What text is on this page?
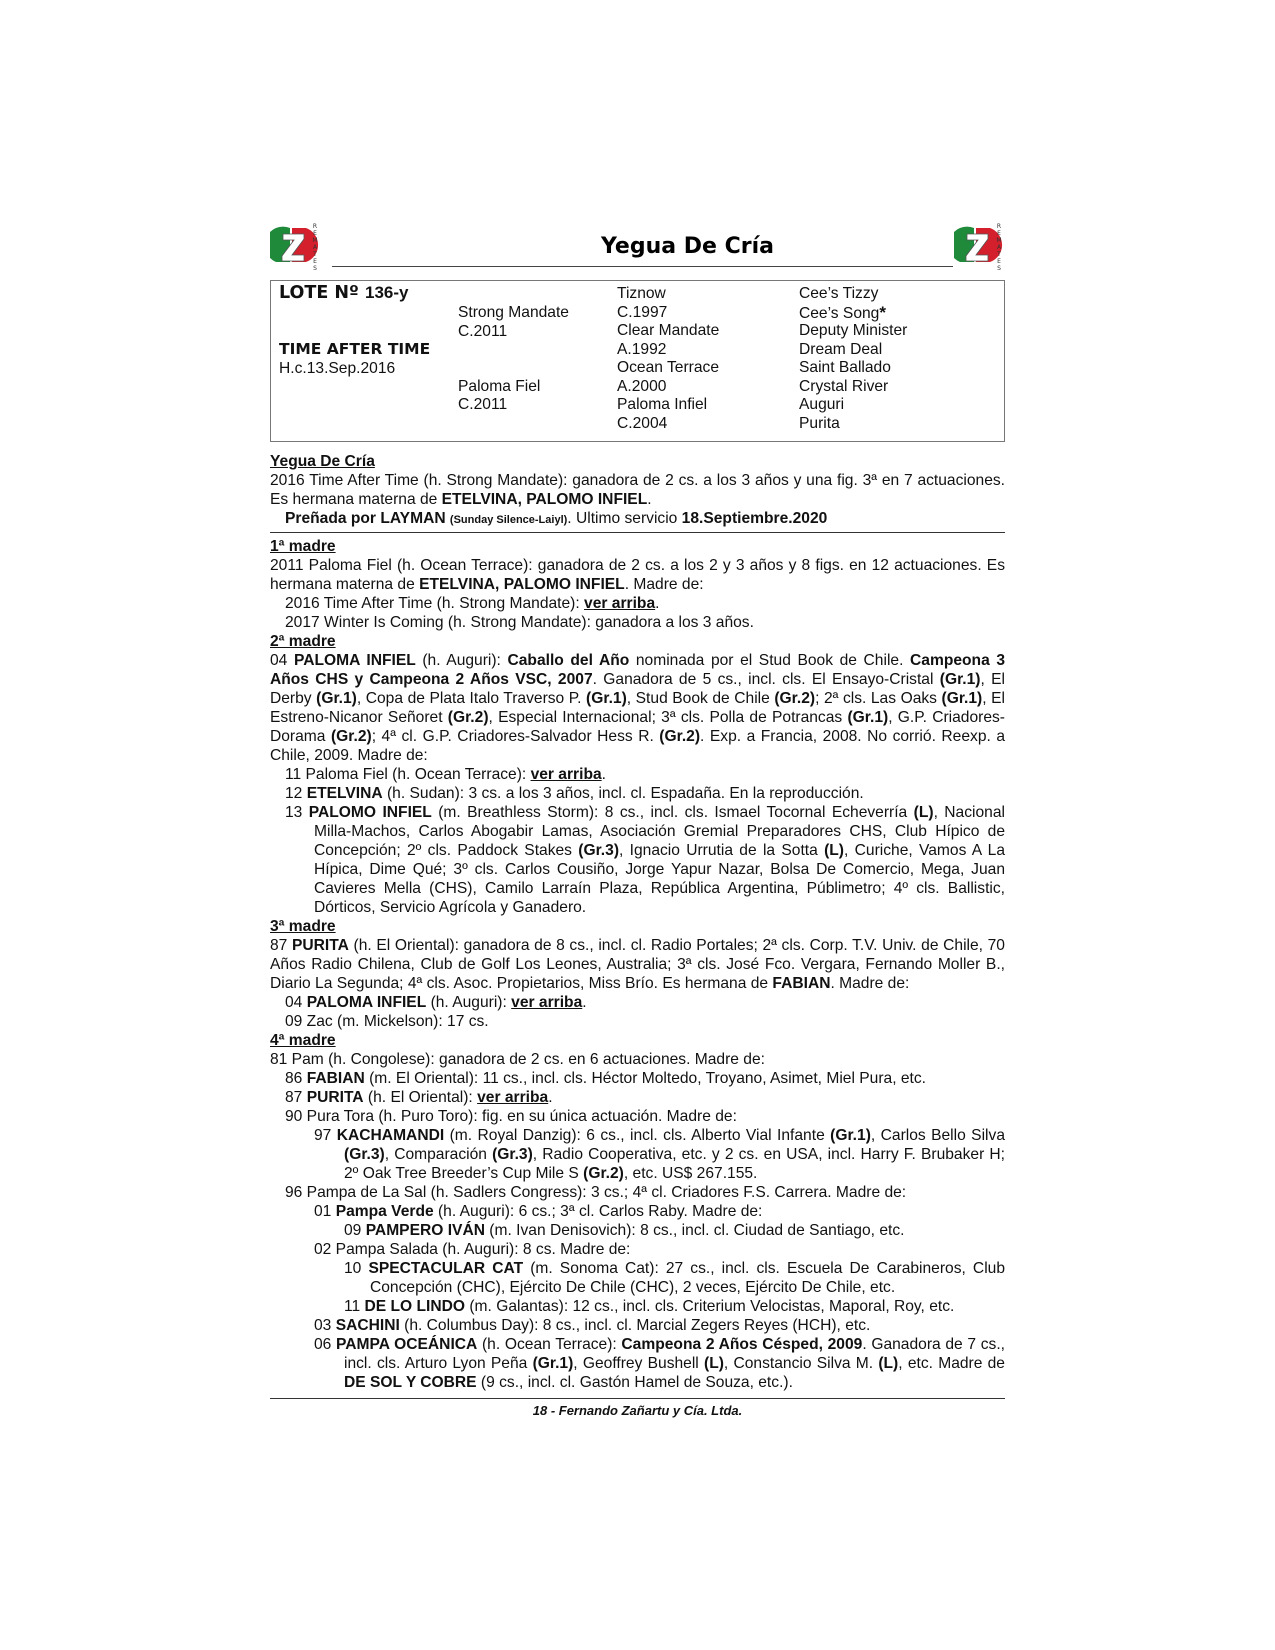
R
E
M
A
T
E
S
Yegua De Cría
R
E
M
A
T
E
S
LOTE Nº 136-y
TIME AFTER TIME
H.c.13.Sep.2016
Strong Mandate
C.2011
Paloma Fiel
C.2011
Tiznow
C.1997
Clear Mandate
A.1992
Ocean Terrace
A.2000
Paloma Infiel
C.2004
Cee’s Tizzy
Cee’s Song*
Deputy Minister
Dream Deal
Saint Ballado
Crystal River
Auguri
Purita
Yegua De Cría

2016 Time After Time (h. Strong Mandate): ganadora de 2 cs. a los 3 años y una fig. 3ª en 7 actuaciones. Es hermana materna de ETELVINA, PALOMO INFIEL.

Preñada por LAYMAN (Sunday Silence-Laiyl). Ultimo servicio 18.Septiembre.2020

1ª madre

2011 Paloma Fiel (h. Ocean Terrace): ganadora de 2 cs. a los 2 y 3 años y 8 figs. en 12 actuaciones. Es hermana materna de ETELVINA, PALOMO INFIEL. Madre de:

2016 Time After Time (h. Strong Mandate): ver arriba.

2017 Winter Is Coming (h. Strong Mandate): ganadora a los 3 años.

2ª madre

04 PALOMA INFIEL (h. Auguri): Caballo del Año nominada por el Stud Book de Chile. Campeona 3 Años CHS y Campeona 2 Años VSC, 2007. Ganadora de 5 cs., incl. cls. El Ensayo-Cristal (Gr.1), El Derby (Gr.1), Copa de Plata Italo Traverso P. (Gr.1), Stud Book de Chile (Gr.2); 2ª cls. Las Oaks (Gr.1), El Estreno-Nicanor Señoret (Gr.2), Especial Internacional; 3ª cls. Polla de Potrancas (Gr.1), G.P. Criadores-Dorama (Gr.2); 4ª cl. G.P. Criadores-Salvador Hess R. (Gr.2). Exp. a Francia, 2008. No corrió. Reexp. a Chile, 2009. Madre de:

11 Paloma Fiel (h. Ocean Terrace): ver arriba.

12 ETELVINA (h. Sudan): 3 cs. a los 3 años, incl. cl. Espadaña. En la reproducción.

13 PALOMO INFIEL (m. Breathless Storm): 8 cs., incl. cls. Ismael Tocornal Echeverría (L), Nacional Milla-Machos, Carlos Abogabir Lamas, Asociación Gremial Preparadores CHS, Club Hípico de Concepción; 2º cls. Paddock Stakes (Gr.3), Ignacio Urrutia de la Sotta (L), Curiche, Vamos A La Hípica, Dime Qué; 3º cls. Carlos Cousiño, Jorge Yapur Nazar, Bolsa De Comercio, Mega, Juan Cavieres Mella (CHS), Camilo Larraín Plaza, República Argentina, Públimetro; 4º cls. Ballistic, Dórticos, Servicio Agrícola y Ganadero.

3ª madre

87 PURITA (h. El Oriental): ganadora de 8 cs., incl. cl. Radio Portales; 2ª cls. Corp. T.V. Univ. de Chile, 70 Años Radio Chilena, Club de Golf Los Leones, Australia; 3ª cls. José Fco. Vergara, Fernando Moller B., Diario La Segunda; 4ª cls. Asoc. Propietarios, Miss Brío. Es hermana de FABIAN. Madre de:

04 PALOMA INFIEL (h. Auguri): ver arriba.

09 Zac (m. Mickelson): 17 cs.

4ª madre

81 Pam (h. Congolese): ganadora de 2 cs. en 6 actuaciones. Madre de:

86 FABIAN (m. El Oriental): 11 cs., incl. cls. Héctor Moltedo, Troyano, Asimet, Miel Pura, etc.

87 PURITA (h. El Oriental): ver arriba.

90 Pura Tora (h. Puro Toro): fig. en su única actuación. Madre de:

97 KACHAMANDI (m. Royal Danzig): 6 cs., incl. cls. Alberto Vial Infante (Gr.1), Carlos Bello Silva (Gr.3), Comparación (Gr.3), Radio Cooperativa, etc. y 2 cs. en USA, incl. Harry F. Brubaker H; 2º Oak Tree Breeder’s Cup Mile S (Gr.2), etc. US$ 267.155.

96 Pampa de La Sal (h. Sadlers Congress): 3 cs.; 4ª cl. Criadores F.S. Carrera. Madre de:

01 Pampa Verde (h. Auguri): 6 cs.; 3ª cl. Carlos Raby. Madre de:

09 PAMPERO IVÁN (m. Ivan Denisovich): 8 cs., incl. cl. Ciudad de Santiago, etc.

02 Pampa Salada (h. Auguri): 8 cs. Madre de:

10 SPECTACULAR CAT (m. Sonoma Cat): 27 cs., incl. cls. Escuela De Carabineros, Club Concepción (CHC), Ejército De Chile (CHC), 2 veces, Ejército De Chile, etc.

11 DE LO LINDO (m. Galantas): 12 cs., incl. cls. Criterium Velocistas, Maporal, Roy, etc.

03 SACHINI (h. Columbus Day): 8 cs., incl. cl. Marcial Zegers Reyes (HCH), etc.

06 PAMPA OCEÁNICA (h. Ocean Terrace): Campeona 2 Años Césped, 2009. Ganadora de 7 cs., incl. cls. Arturo Lyon Peña (Gr.1), Geoffrey Bushell (L), Constancio Silva M. (L), etc. Madre de DE SOL Y COBRE (9 cs., incl. cl. Gastón Hamel de Souza, etc.).

18 - Fernando Zañartu y Cía. Ltda.
